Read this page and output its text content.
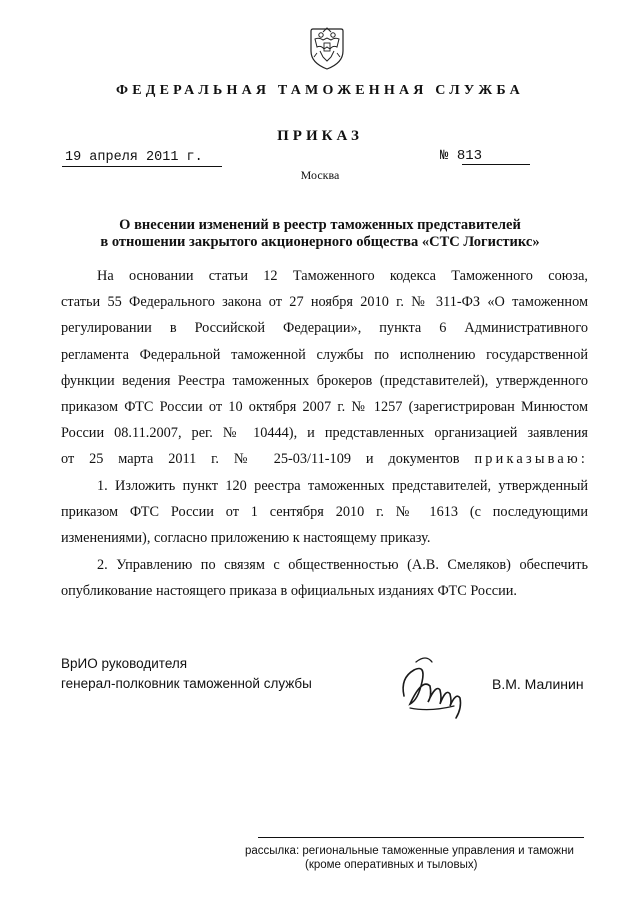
ФЕДЕРАЛЬНАЯ ТАМОЖЕННАЯ СЛУЖБА
ПРИКАЗ
19 апреля 2011 г.	№ 813
Москва
О внесении изменений в реестр таможенных представителей
в отношении закрытого акционерного общества «СТС Логистикс»
На основании статьи 12 Таможенного кодекса Таможенного союза,
статьи 55 Федерального закона от 27 ноября 2010 г. № 311-ФЗ «О таможенном
регулировании в Российской Федерации», пункта 6 Административного
регламента Федеральной таможенной службы по исполнению государственной
функции ведения Реестра таможенных брокеров (представителей), утвержденного
приказом ФТС России от 10 октября 2007 г. № 1257 (зарегистрирован Минюстом
России 08.11.2007, рег. № 10444), и представленных организацией заявления
от 25 марта 2011 г. № 25-03/11-109 и документов приказываю:
1. Изложить пункт 120 реестра таможенных представителей, утвержденный
приказом ФТС России от 1 сентября 2010 г. № 1613 (с последующими
изменениями), согласно приложению к настоящему приказу.
2. Управлению по связям с общественностью (А.В. Смеляков) обеспечить
опубликование настоящего приказа в официальных изданиях ФТС России.
ВрИО руководителя
генерал-полковник таможенной службы	В.М. Малинин
рассылка: региональные таможенные управления и таможни
(кроме оперативных и тыловых)
